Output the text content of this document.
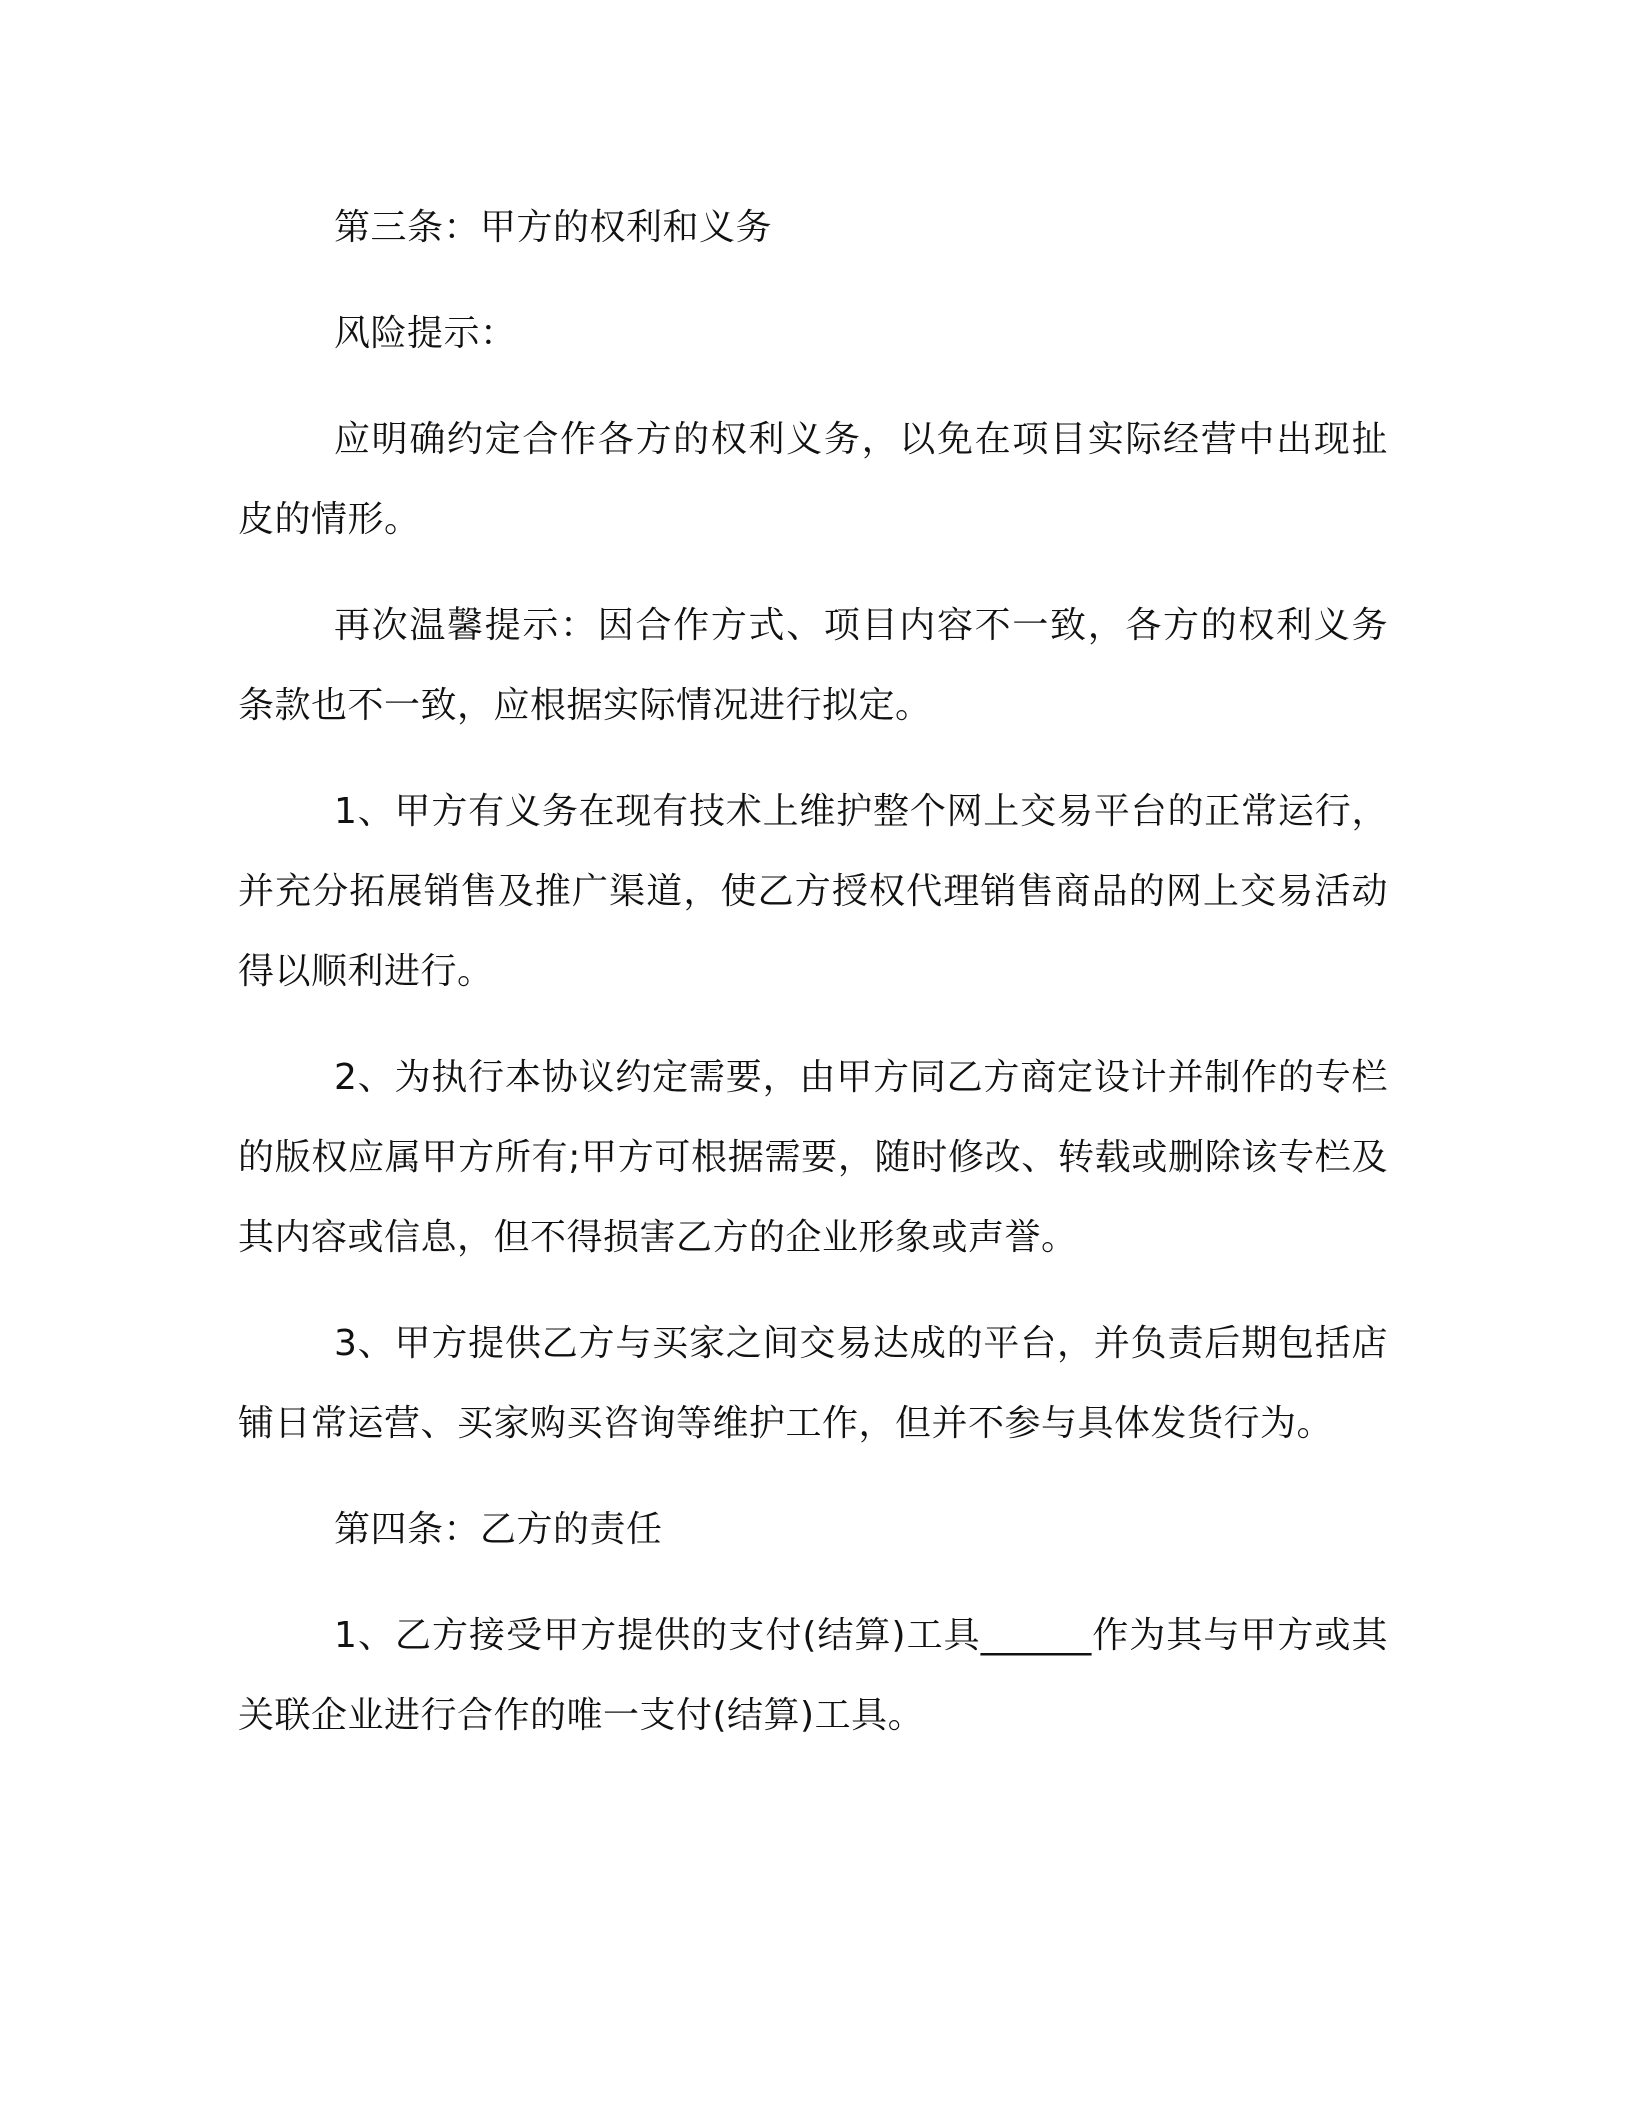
第三条：甲方的权利和义务

风险提示：

应明确约定合作各方的权利义务，以免在项目实际经营中出现扯皮的情形。

再次温馨提示：因合作方式、项目内容不一致，各方的权利义务条款也不一致，应根据实际情况进行拟定。

1、甲方有义务在现有技术上维护整个网上交易平台的正常运行，并充分拓展销售及推广渠道，使乙方授权代理销售商品的网上交易活动得以顺利进行。

2、为执行本协议约定需要，由甲方同乙方商定设计并制作的专栏的版权应属甲方所有;甲方可根据需要，随时修改、转载或删除该专栏及其内容或信息，但不得损害乙方的企业形象或声誉。

3、甲方提供乙方与买家之间交易达成的平台，并负责后期包括店铺日常运营、买家购买咨询等维护工作，但并不参与具体发货行为。

第四条：乙方的责任

1、乙方接受甲方提供的支付(结算)工具______作为其与甲方或其关联企业进行合作的唯一支付(结算)工具。
